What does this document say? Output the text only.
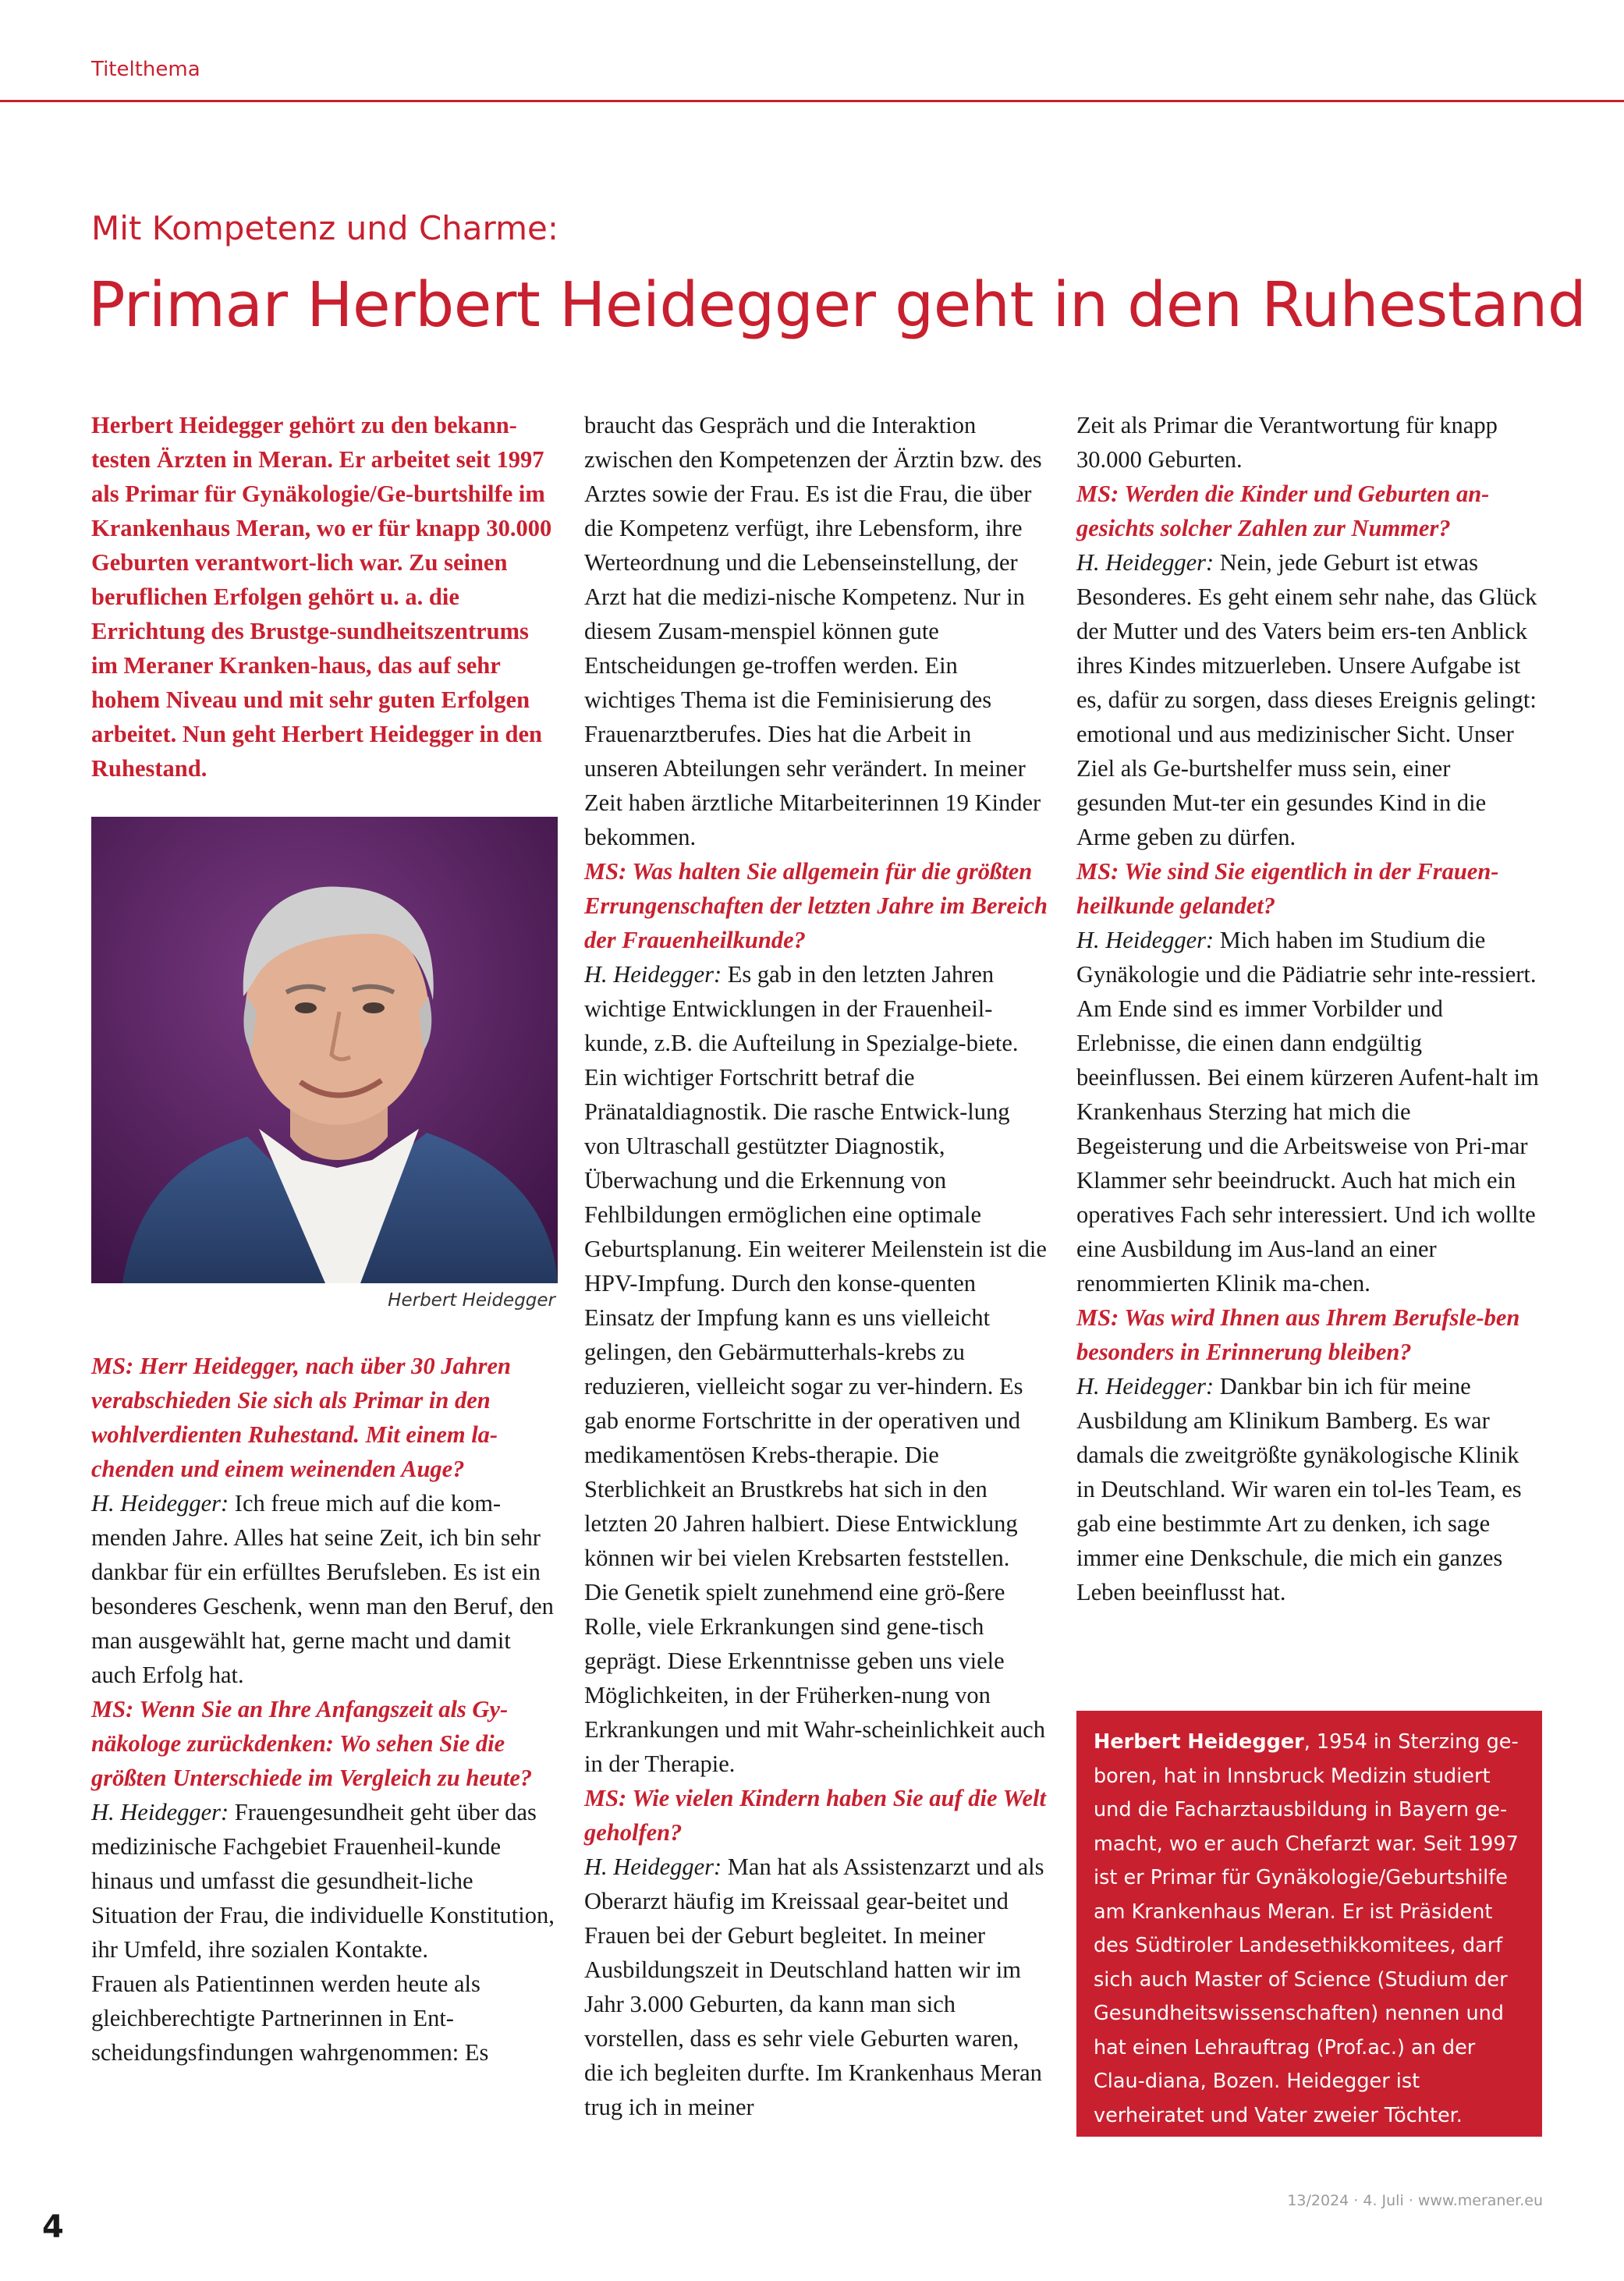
Titelthema
Mit Kompetenz und Charme:
Primar Herbert Heidegger geht in den Ruhestand

Herbert Heidegger gehört zu den bekann-testen Ärzten in Meran. Er arbeitet seit 1997 als Primar für Gynäkologie/Ge-burtshilfe im Krankenhaus Meran, wo er für knapp 30.000 Geburten verantwort-lich war. Zu seinen beruflichen Erfolgen gehört u. a. die Errichtung des Brustge-sundheitszentrums im Meraner Kranken-haus, das auf sehr hohem Niveau und mit sehr guten Erfolgen arbeitet. Nun geht Herbert Heidegger in den Ruhestand.

Herbert Heidegger

MS: Herr Heidegger, nach über 30 Jahren verabschieden Sie sich als Primar in den wohlverdienten Ruhestand. Mit einem la-chenden und einem weinenden Auge?

H. Heidegger: Ich freue mich auf die kom-menden Jahre. Alles hat seine Zeit, ich bin sehr dankbar für ein erfülltes Berufsleben. Es ist ein besonderes Geschenk, wenn man den Beruf, den man ausgewählt hat, gerne macht und damit auch Erfolg hat.

MS: Wenn Sie an Ihre Anfangszeit als Gy-näkologe zurückdenken: Wo sehen Sie die größten Unterschiede im Vergleich zu heute?

H. Heidegger: Frauengesundheit geht über das medizinische Fachgebiet Frauenheil-kunde hinaus und umfasst die gesundheit-liche Situation der Frau, die individuelle Konstitution, ihr Umfeld, ihre sozialen Kontakte.

Frauen als Patientinnen werden heute als gleichberechtigte Partnerinnen in Ent-scheidungsfindungen wahrgenommen: Es

braucht das Gespräch und die Interaktion zwischen den Kompetenzen der Ärztin bzw. des Arztes sowie der Frau. Es ist die Frau, die über die Kompetenz verfügt, ihre Lebensform, ihre Werteordnung und die Lebenseinstellung, der Arzt hat die medizi-nische Kompetenz. Nur in diesem Zusam-menspiel können gute Entscheidungen ge-troffen werden. Ein wichtiges Thema ist die Feminisierung des Frauenarztberufes. Dies hat die Arbeit in unseren Abteilungen sehr verändert. In meiner Zeit haben ärztliche Mitarbeiterinnen 19 Kinder bekommen.

MS: Was halten Sie allgemein für die größten Errungenschaften der letzten Jahre im Bereich der Frauenheilkunde?

H. Heidegger: Es gab in den letzten Jahren wichtige Entwicklungen in der Frauenheil-kunde, z.B. die Aufteilung in Spezialge-biete. Ein wichtiger Fortschritt betraf die Pränataldiagnostik. Die rasche Entwick-lung von Ultraschall gestützter Diagnostik, Überwachung und die Erkennung von Fehlbildungen ermöglichen eine optimale Geburtsplanung. Ein weiterer Meilenstein ist die HPV-Impfung. Durch den konse-quenten Einsatz der Impfung kann es uns vielleicht gelingen, den Gebärmutterhals-krebs zu reduzieren, vielleicht sogar zu ver-hindern. Es gab enorme Fortschritte in der operativen und medikamentösen Krebs-therapie. Die Sterblichkeit an Brustkrebs hat sich in den letzten 20 Jahren halbiert. Diese Entwicklung können wir bei vielen Krebsarten feststellen.

Die Genetik spielt zunehmend eine grö-ßere Rolle, viele Erkrankungen sind gene-tisch geprägt. Diese Erkenntnisse geben uns viele Möglichkeiten, in der Früherken-nung von Erkrankungen und mit Wahr-scheinlichkeit auch in der Therapie.

MS: Wie vielen Kindern haben Sie auf die Welt geholfen?

H. Heidegger: Man hat als Assistenzarzt und als Oberarzt häufig im Kreissaal gear-beitet und Frauen bei der Geburt begleitet. In meiner Ausbildungszeit in Deutschland hatten wir im Jahr 3.000 Geburten, da kann man sich vorstellen, dass es sehr viele Geburten waren, die ich begleiten durfte. Im Krankenhaus Meran trug ich in meiner

Zeit als Primar die Verantwortung für knapp 30.000 Geburten.

MS: Werden die Kinder und Geburten an-gesichts solcher Zahlen zur Nummer?

H. Heidegger: Nein, jede Geburt ist etwas Besonderes. Es geht einem sehr nahe, das Glück der Mutter und des Vaters beim ers-ten Anblick ihres Kindes mitzuerleben. Unsere Aufgabe ist es, dafür zu sorgen, dass dieses Ereignis gelingt: emotional und aus medizinischer Sicht. Unser Ziel als Ge-burtshelfer muss sein, einer gesunden Mut-ter ein gesundes Kind in die Arme geben zu dürfen.

MS: Wie sind Sie eigentlich in der Frauen-heilkunde gelandet?

H. Heidegger: Mich haben im Studium die Gynäkologie und die Pädiatrie sehr inte-ressiert. Am Ende sind es immer Vorbilder und Erlebnisse, die einen dann endgültig beeinflussen. Bei einem kürzeren Aufent-halt im Krankenhaus Sterzing hat mich die Begeisterung und die Arbeitsweise von Pri-mar Klammer sehr beeindruckt. Auch hat mich ein operatives Fach sehr interessiert. Und ich wollte eine Ausbildung im Aus-land an einer renommierten Klinik ma-chen.

MS: Was wird Ihnen aus Ihrem Berufsle-ben besonders in Erinnerung bleiben?

H. Heidegger: Dankbar bin ich für meine Ausbildung am Klinikum Bamberg. Es war damals die zweitgrößte gynäkologische Klinik in Deutschland. Wir waren ein tol-les Team, es gab eine bestimmte Art zu denken, ich sage immer eine Denkschule, die mich ein ganzes Leben beeinflusst hat.

Herbert Heidegger, 1954 in Sterzing ge-boren, hat in Innsbruck Medizin studiert und die Facharztausbildung in Bayern ge-macht, wo er auch Chefarzt war. Seit 1997 ist er Primar für Gynäkologie/Geburtshilfe am Krankenhaus Meran. Er ist Präsident des Südtiroler Landesethikkomitees, darf sich auch Master of Science (Studium der Gesundheitswissenschaften) nennen und hat einen Lehrauftrag (Prof.ac.) an der Clau-diana, Bozen. Heidegger ist verheiratet und Vater zweier Töchter.
4
13/2024 · 4. Juli · www.meraner.eu
